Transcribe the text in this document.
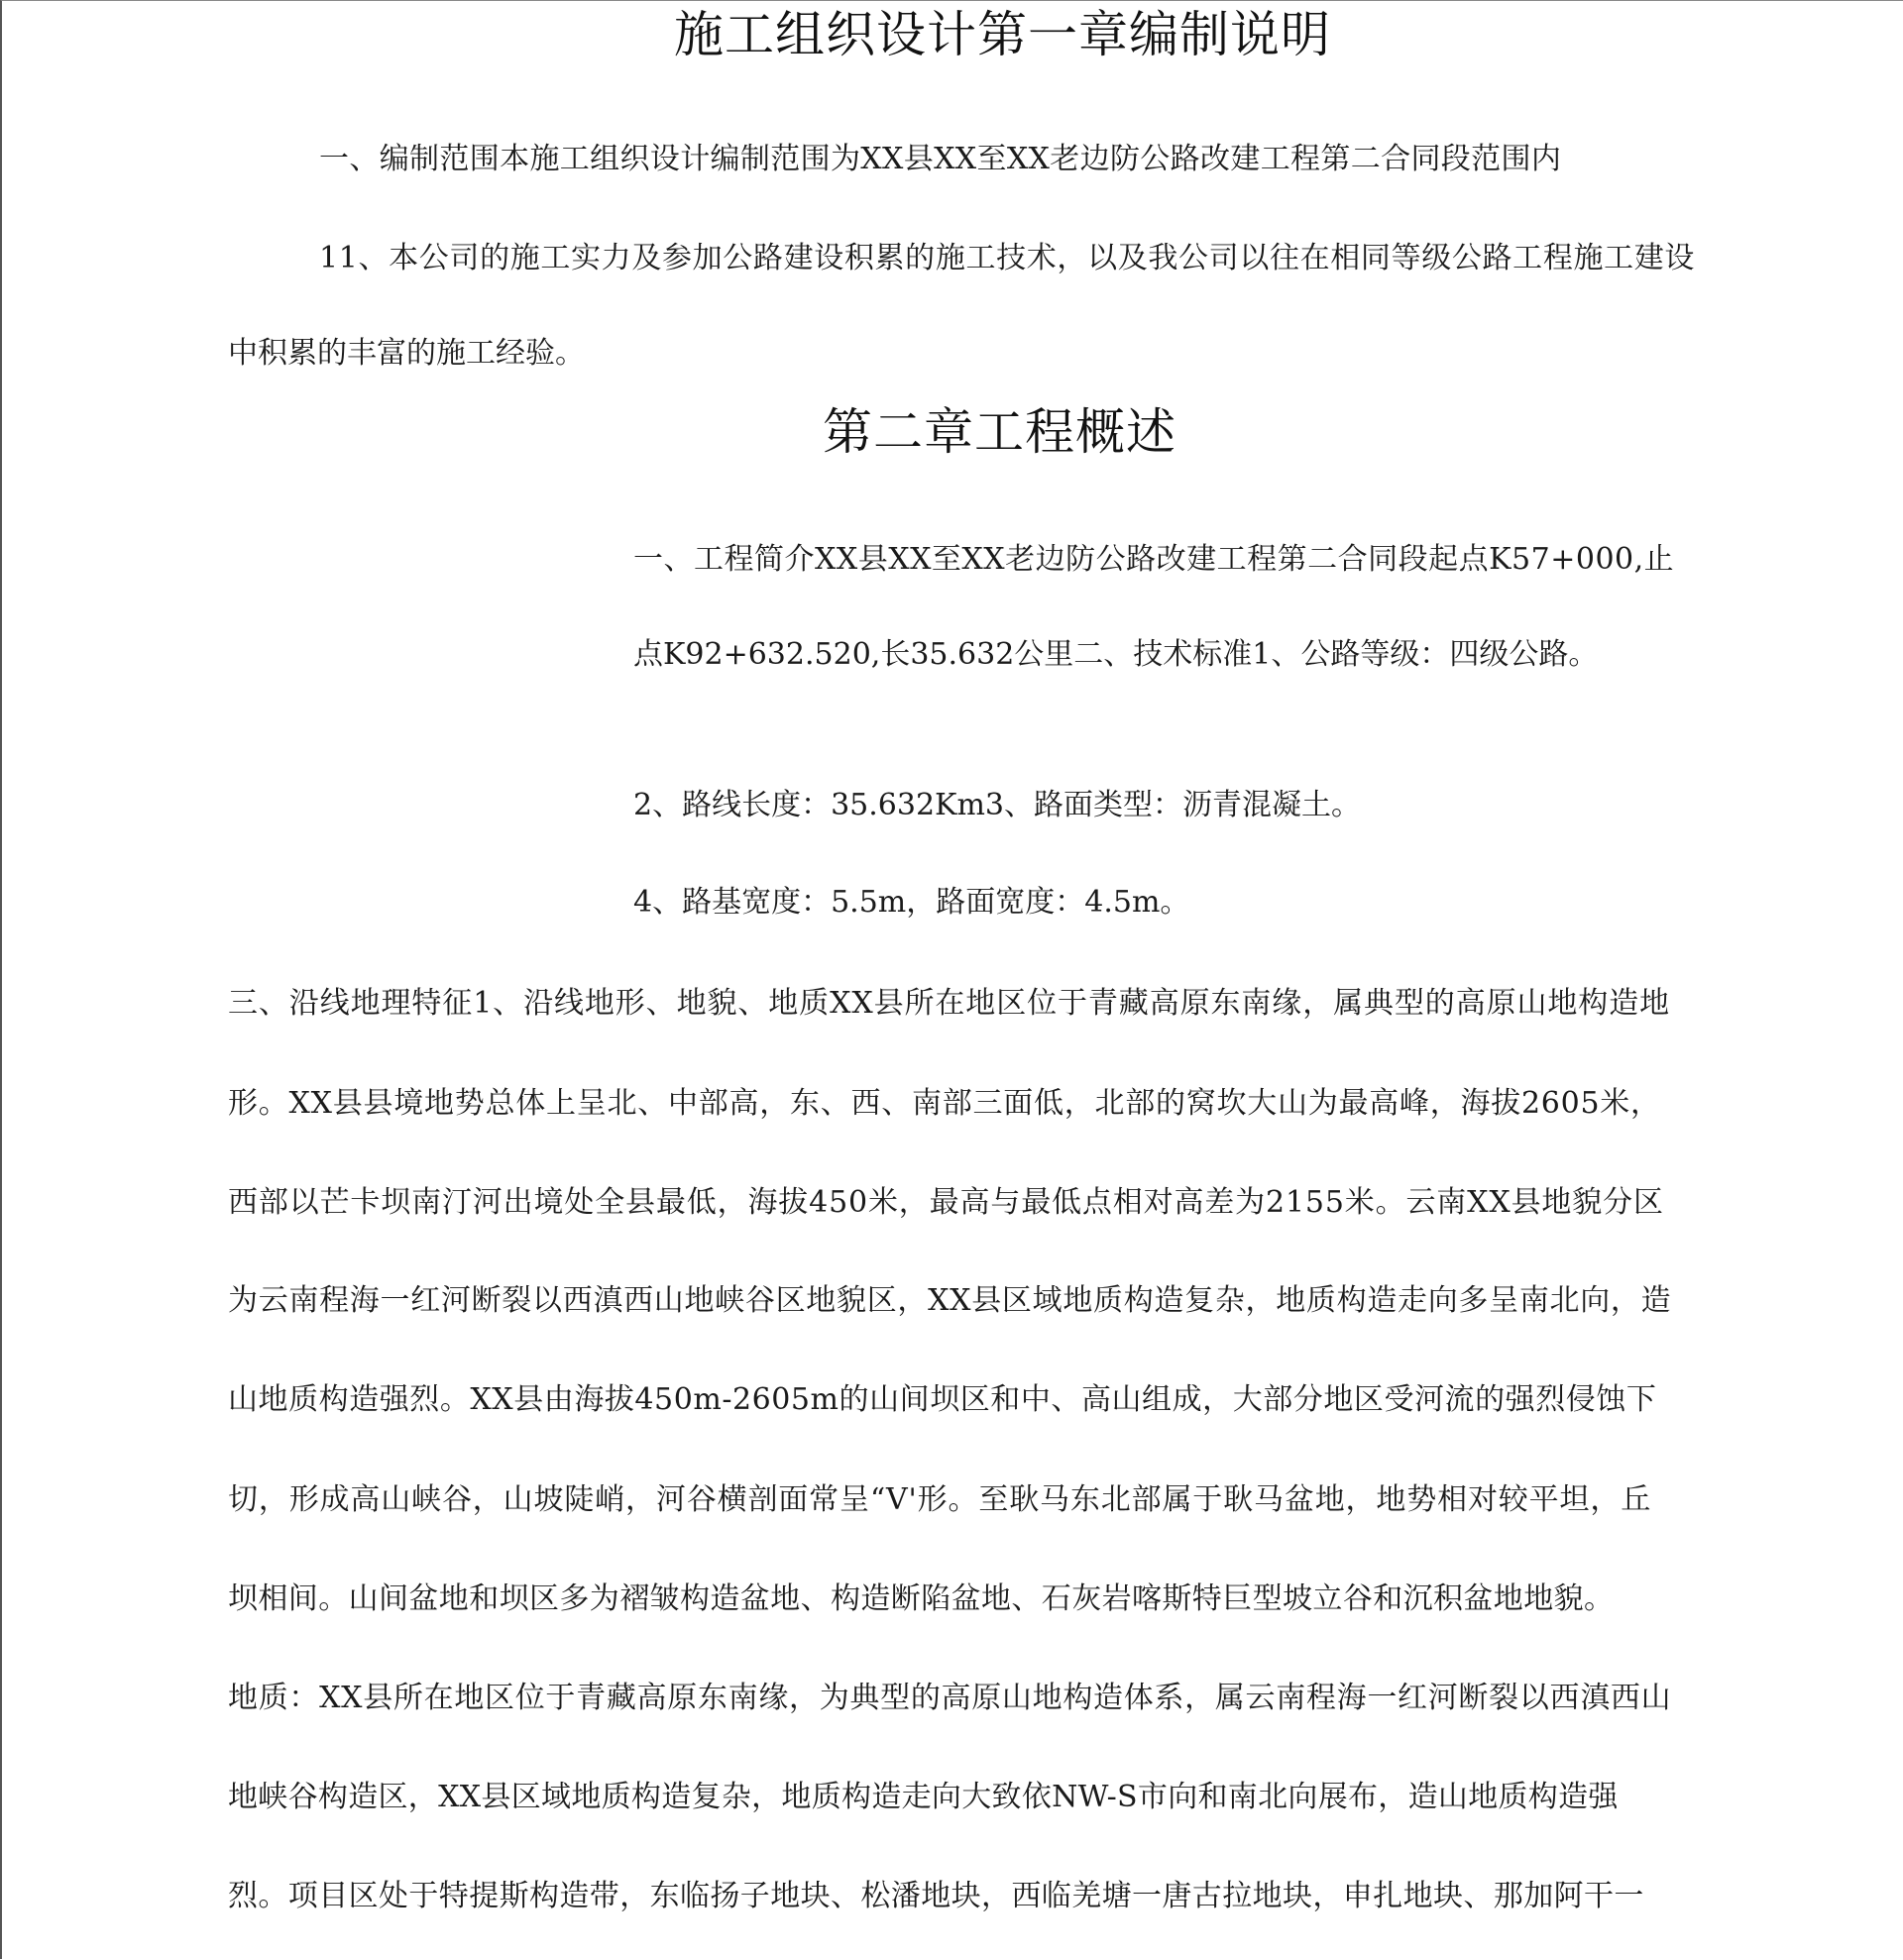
施工组织设计第一章编制说明

一、编制范围本施工组织设计编制范围为XX县XX至XX老边防公路改建工程第二合同段范围内

11、本公司的施工实力及参加公路建设积累的施工技术，以及我公司以往在相同等级公路工程施工建设

中积累的丰富的施工经验。

第二章工程概述

一、工程简介XX县XX至XX老边防公路改建工程第二合同段起点K57+000,止

点K92+632.520,长35.632公里二、技术标准1、公路等级：四级公路。

2、路线长度：35.632Km3、路面类型：沥青混凝土。

4、路基宽度：5.5m，路面宽度：4.5m。

三、沿线地理特征1、沿线地形、地貌、地质XX县所在地区位于青藏高原东南缘，属典型的高原山地构造地

形。XX县县境地势总体上呈北、中部高，东、西、南部三面低，北部的窝坎大山为最高峰，海拔2605米，

西部以芒卡坝南汀河出境处全县最低，海拔450米，最高与最低点相对高差为2155米。云南XX县地貌分区

为云南程海一红河断裂以西滇西山地峡谷区地貌区，XX县区域地质构造复杂，地质构造走向多呈南北向，造

山地质构造强烈。XX县由海拔450m-2605m的山间坝区和中、高山组成，大部分地区受河流的强烈侵蚀下

切，形成高山峡谷，山坡陡峭，河谷横剖面常呈“V'形。至耿马东北部属于耿马盆地，地势相对较平坦，丘

坝相间。山间盆地和坝区多为褶皱构造盆地、构造断陷盆地、石灰岩喀斯特巨型坡立谷和沉积盆地地貌。

地质：XX县所在地区位于青藏高原东南缘，为典型的高原山地构造体系，属云南程海一红河断裂以西滇西山

地峡谷构造区，XX县区域地质构造复杂，地质构造走向大致依NW-S市向和南北向展布，造山地质构造强

烈。项目区处于特提斯构造带，东临扬子地块、松潘地块，西临羌塘一唐古拉地块，申扎地块、那加阿干一
